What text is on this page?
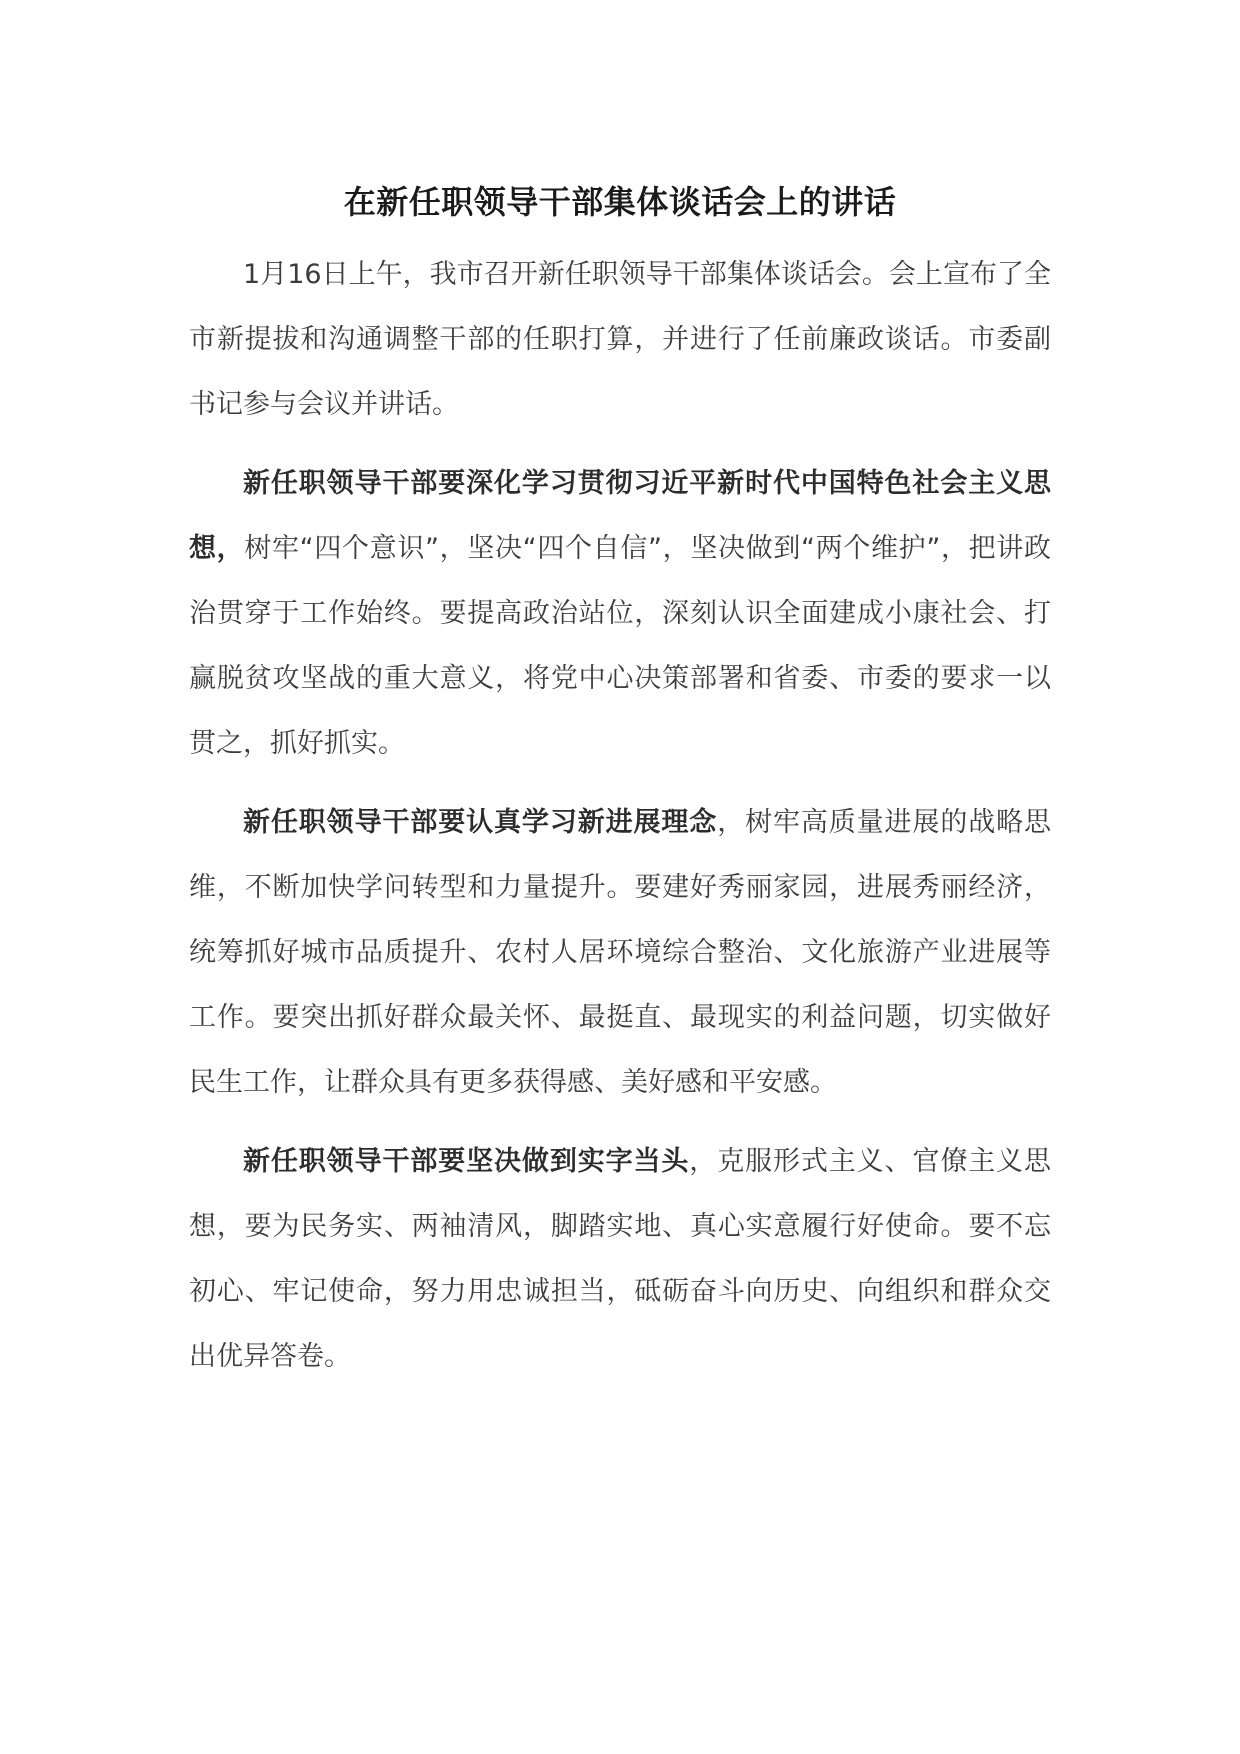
在新任职领导干部集体谈话会上的讲话

1月16日上午，我市召开新任职领导干部集体谈话会。会上宣布了全市新提拔和沟通调整干部的任职打算，并进行了任前廉政谈话。市委副书记参与会议并讲话。

新任职领导干部要深化学习贯彻习近平新时代中国特色社会主义思想，树牢“四个意识”，坚决“四个自信”，坚决做到“两个维护”，把讲政治贯穿于工作始终。要提高政治站位，深刻认识全面建成小康社会、打赢脱贫攻坚战的重大意义，将党中心决策部署和省委、市委的要求一以贯之，抓好抓实。

新任职领导干部要认真学习新进展理念，树牢高质量进展的战略思维，不断加快学问转型和力量提升。要建好秀丽家园，进展秀丽经济，统筹抓好城市品质提升、农村人居环境综合整治、文化旅游产业进展等工作。要突出抓好群众最关怀、最挺直、最现实的利益问题，切实做好民生工作，让群众具有更多获得感、美好感和平安感。

新任职领导干部要坚决做到实字当头，克服形式主义、官僚主义思想，要为民务实、两袖清风，脚踏实地、真心实意履行好使命。要不忘初心、牢记使命，努力用忠诚担当，砥砺奋斗向历史、向组织和群众交出优异答卷。
